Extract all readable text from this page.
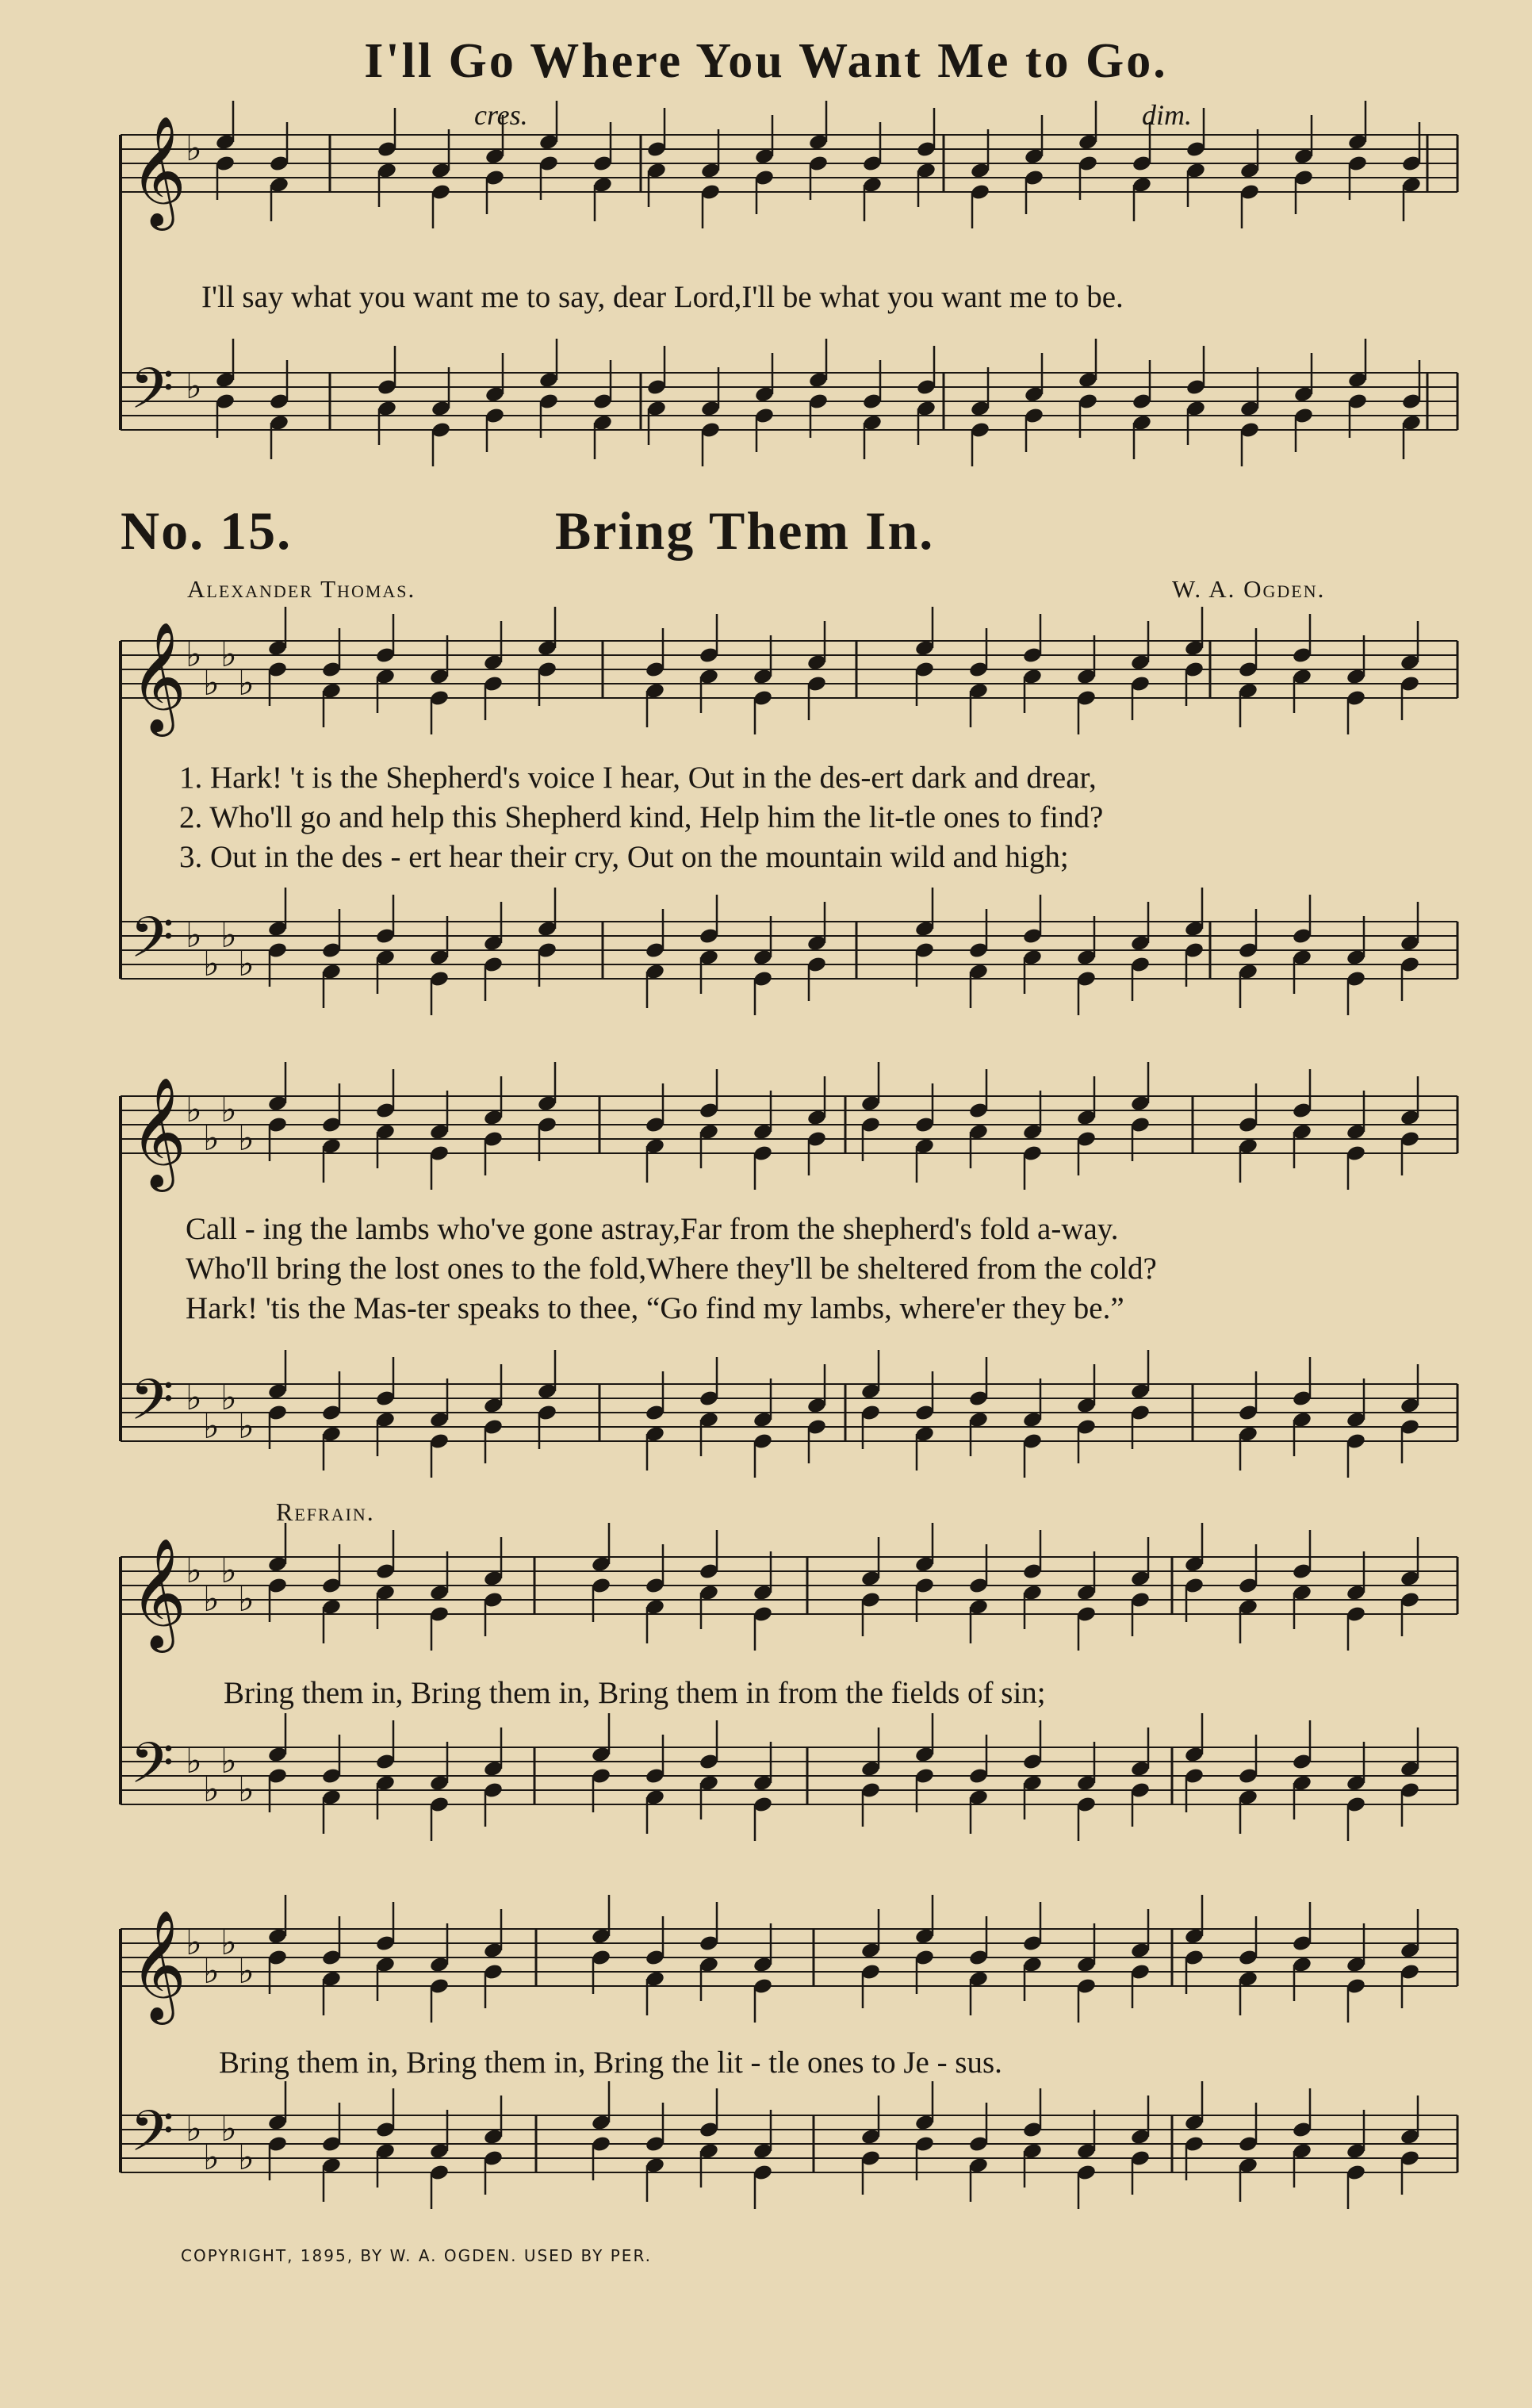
𝄞 ♭
𝄢 ♭
𝄞 ♭
♭
♭
♭
𝄢 ♭
♭
♭
♭
𝄞 ♭
♭
♭
♭
𝄢 ♭
♭
♭
♭
𝄞 ♭
♭
♭
♭
𝄢 ♭
♭
♭
♭
𝄞 ♭
♭
♭
♭
𝄢 ♭
♭
♭
♭
I'll Go Where You Want Me to Go.
cres.	dim.
I'll say what you want me to say, dear Lord,I'll be what you want me to be.
No. 15.	Bring Them In.
Alexander Thomas.	W. A. Ogden.
1. Hark! 't is the Shepherd's voice I hear, Out in the des-ert dark and drear,
2. Who'll go and help this Shepherd kind, Help him the lit-tle ones to find?
3. Out in the des - ert hear their cry, Out on the mountain wild and high;
Call - ing the lambs who've gone astray,Far from the shepherd's fold a-way.
Who'll bring the lost ones to the fold,Where they'll be sheltered from the cold?
Hark! 'tis the Mas-ter speaks to thee, “Go find my lambs, where'er they be.”
Refrain.
Bring them in, Bring them in, Bring them in from the fields of sin;
Bring them in, Bring them in, Bring the lit - tle ones to Je - sus.
COPYRIGHT, 1895, BY W. A. OGDEN. USED BY PER.
